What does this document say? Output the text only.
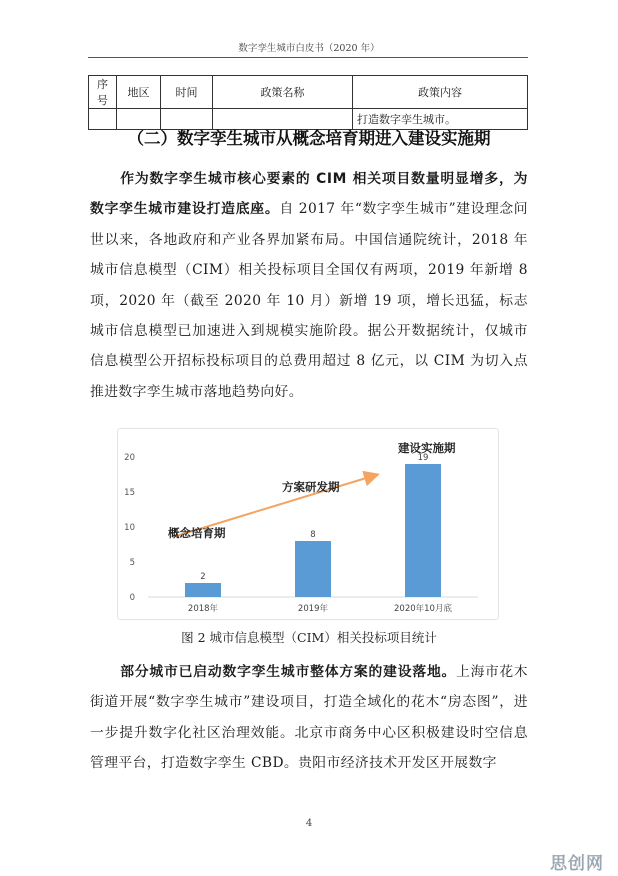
数字孪生城市白皮书（2020 年）
序号	地区	时间	政策名称	政策内容
				打造数字孪生城市。
（二）数字孪生城市从概念培育期进入建设实施期

作为数字孪生城市核心要素的 CIM 相关项目数量明显增多，为数字孪生城市建设打造底座。自 2017 年“数字孪生城市”建设理念问世以来，各地政府和产业各界加紧布局。中国信通院统计，2018 年城市信息模型（CIM）相关投标项目全国仅有两项，2019 年新增 8 项，2020 年（截至 2020 年 10 月）新增 19 项，增长迅猛，标志城市信息模型已加速进入到规模实施阶段。据公开数据统计，仅城市信息模型公开招标投标项目的总费用超过 8 亿元，以 CIM 为切入点推进数字孪生城市落地趋势向好。

0
5
10
15
20
2
8
19
2018年	2019年	2020年10月底
概念培育期
方案研发期
建设实施期
图 2 城市信息模型（CIM）相关投标项目统计

部分城市已启动数字孪生城市整体方案的建设落地。上海市花木街道开展“数字孪生城市”建设项目，打造全域化的花木“房态图”，进一步提升数字化社区治理效能。北京市商务中心区积极建设时空信息管理平台，打造数字孪生 CBD。贵阳市经济技术开发区开展数字

4
思创网
